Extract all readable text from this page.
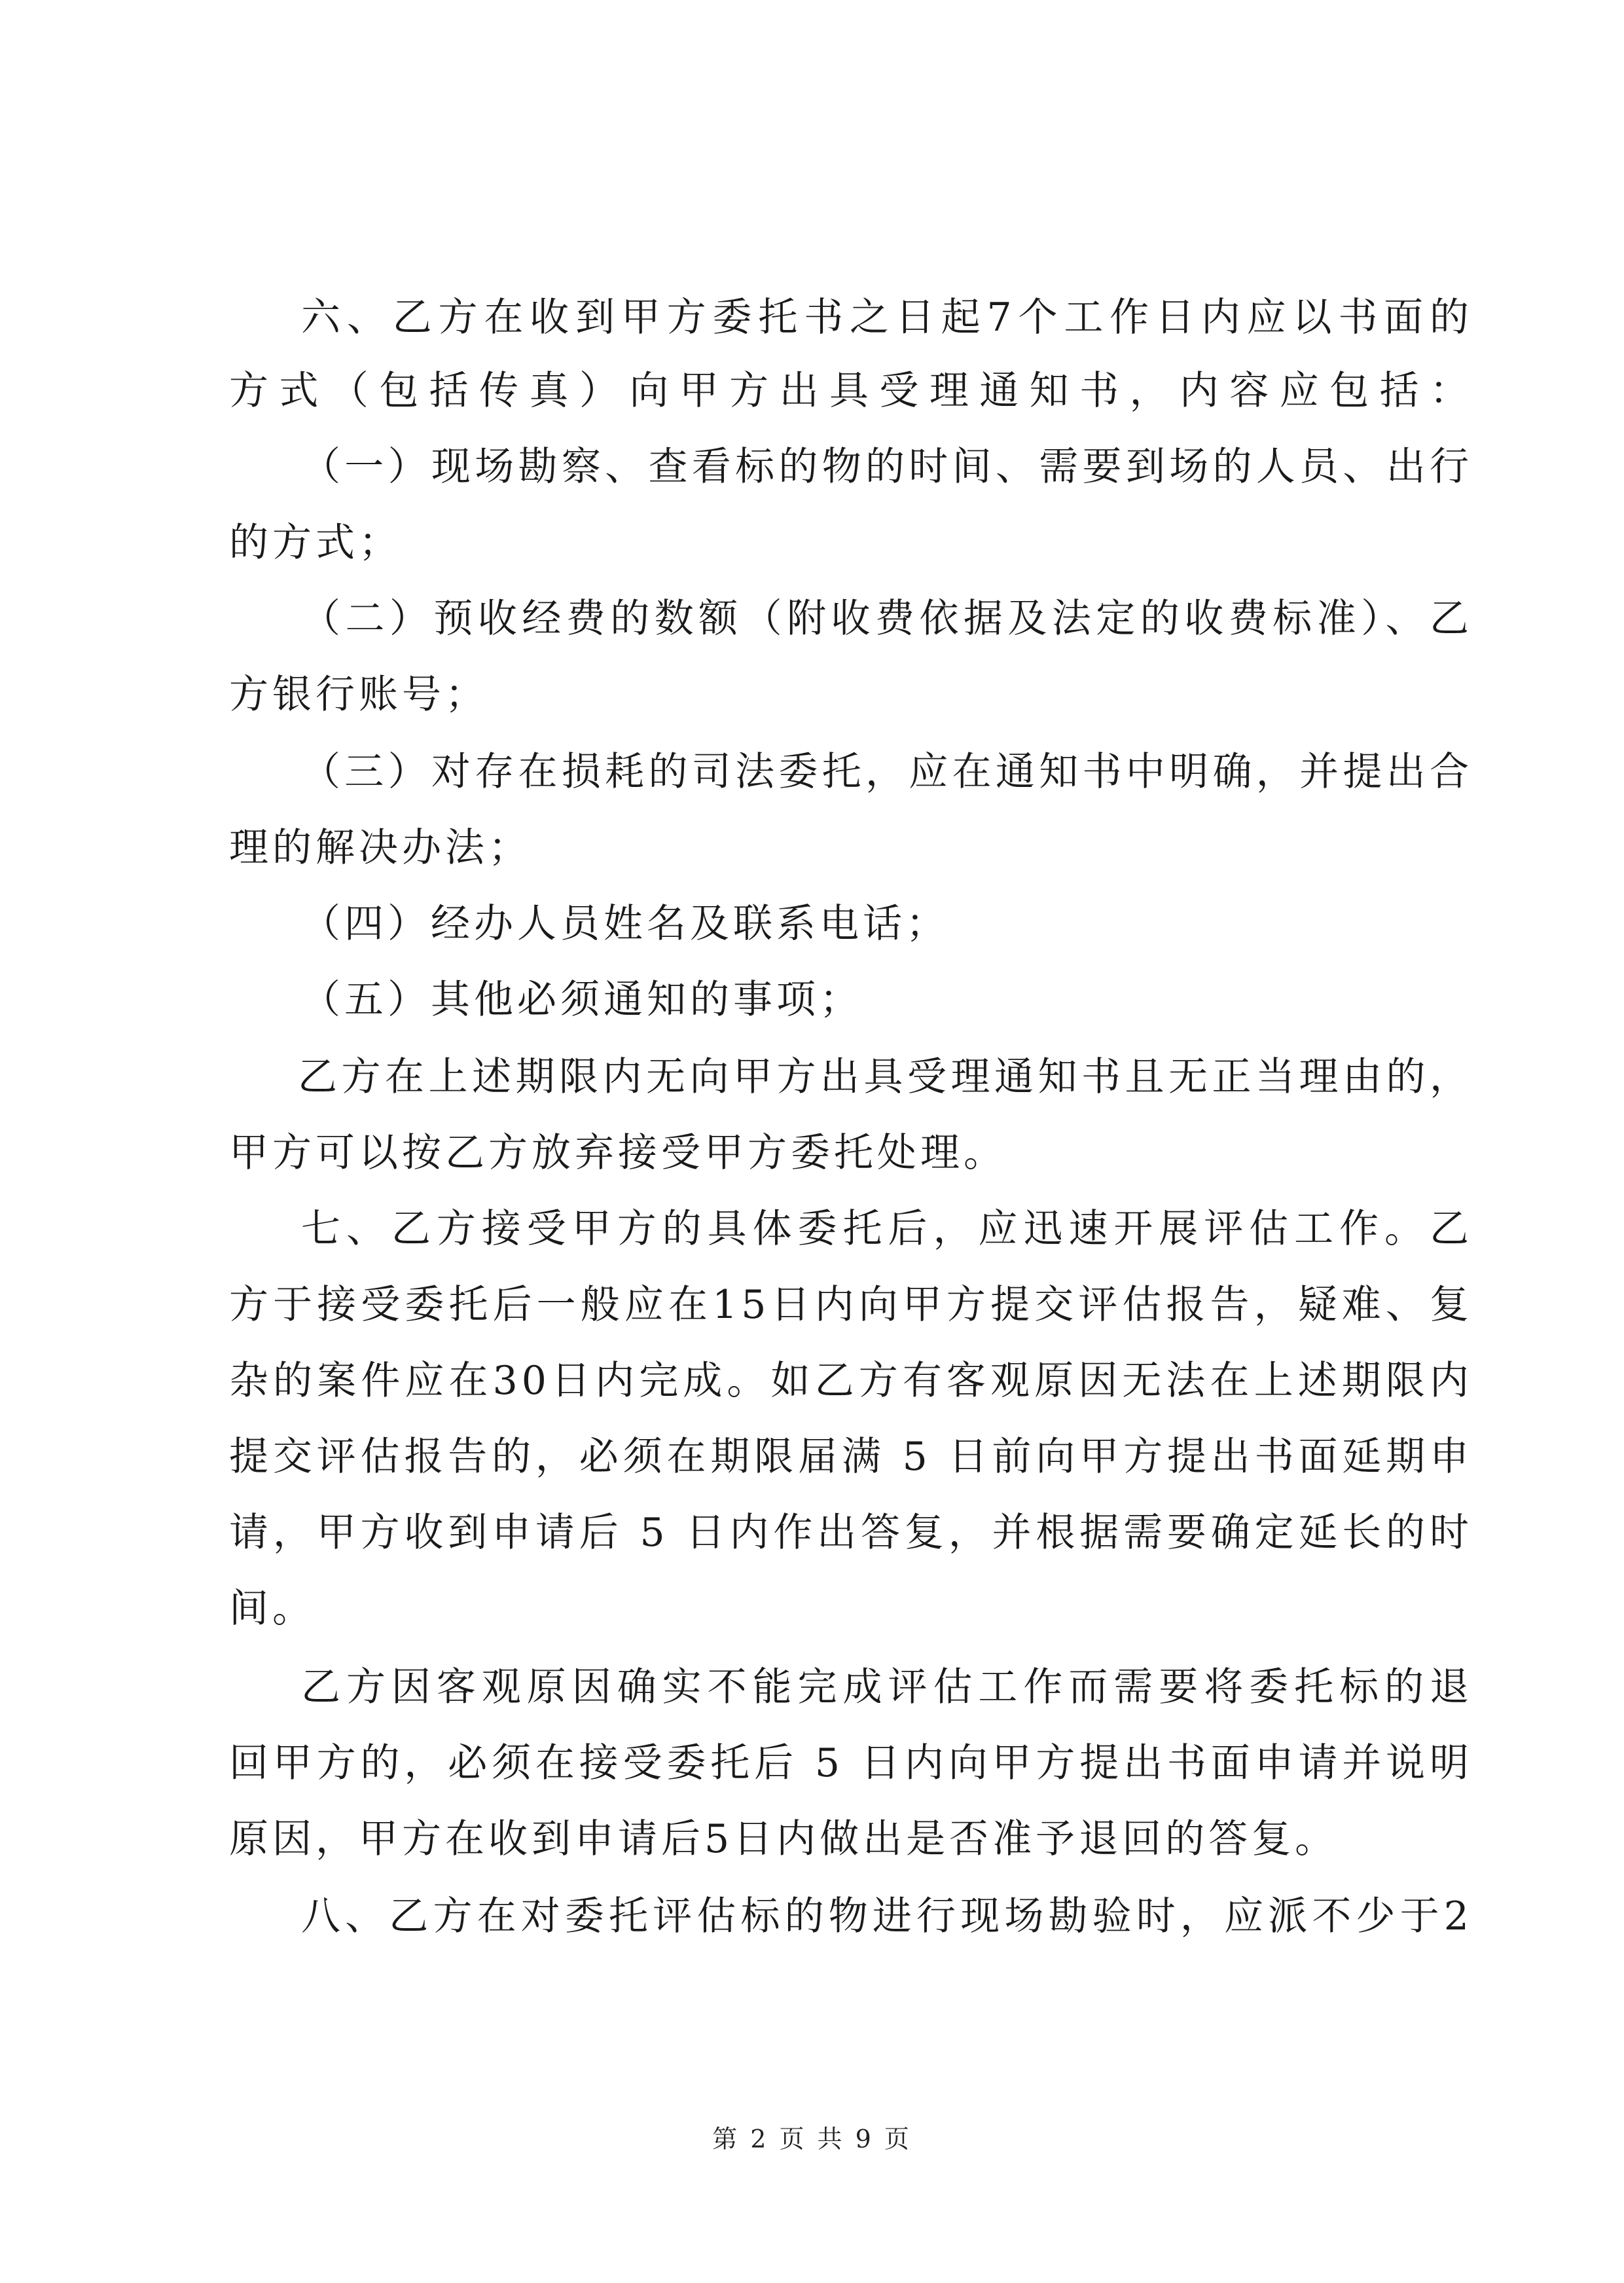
六、乙方在收到甲方委托书之日起7个工作日内应以书面的
方式（包括传真）向甲方出具受理通知书，内容应包括：
（一）现场勘察、查看标的物的时间、需要到场的人员、出行
的方式；
（二）预收经费的数额（附收费依据及法定的收费标准）、乙
方银行账号；
（三）对存在损耗的司法委托，应在通知书中明确，并提出合
理的解决办法；
（四）经办人员姓名及联系电话；
（五）其他必须通知的事项；
乙方在上述期限内无向甲方出具受理通知书且无正当理由的，
甲方可以按乙方放弃接受甲方委托处理。
七、乙方接受甲方的具体委托后，应迅速开展评估工作。乙
方于接受委托后一般应在15日内向甲方提交评估报告，疑难、复
杂的案件应在30日内完成。如乙方有客观原因无法在上述期限内
提交评估报告的，必须在期限届满 5 日前向甲方提出书面延期申
请，甲方收到申请后 5 日内作出答复，并根据需要确定延长的时
间。
乙方因客观原因确实不能完成评估工作而需要将委托标的退
回甲方的，必须在接受委托后 5 日内向甲方提出书面申请并说明
原因，甲方在收到申请后5日内做出是否准予退回的答复。
八、乙方在对委托评估标的物进行现场勘验时，应派不少于2
第 2 页 共 9 页
